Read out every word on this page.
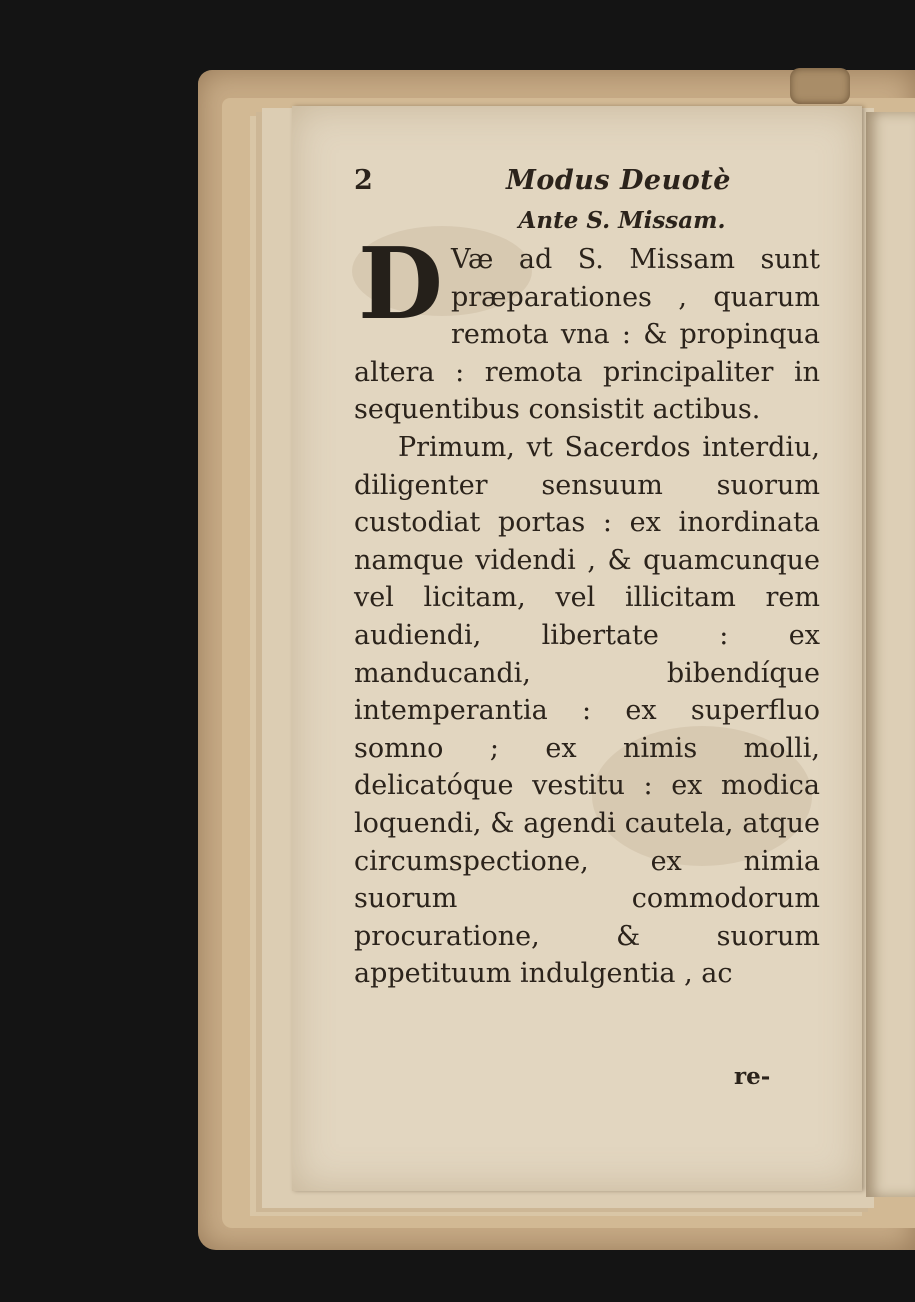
2	Modus Deuotè
Ante S. Missam.
D Væ ad S. Missam sunt præparationes , quarum remota vna : & propinqua altera : remota principaliter in sequentibus consistit actibus.
Primum, vt Sacerdos interdiu, diligenter sensuum suorum custodiat portas : ex inordinata namque videndi , & quamcunque vel licitam, vel illicitam rem audiendi, libertate : ex manducandi, bibendíque intemperantia : ex superfluo somno ; ex nimis molli, delicatóque vestitu : ex modica loquendi, & agendi cautela, atque circumspectione, ex nimia suorum commodorum procuratione, & suorum appetituum indulgentia , ac
re-
